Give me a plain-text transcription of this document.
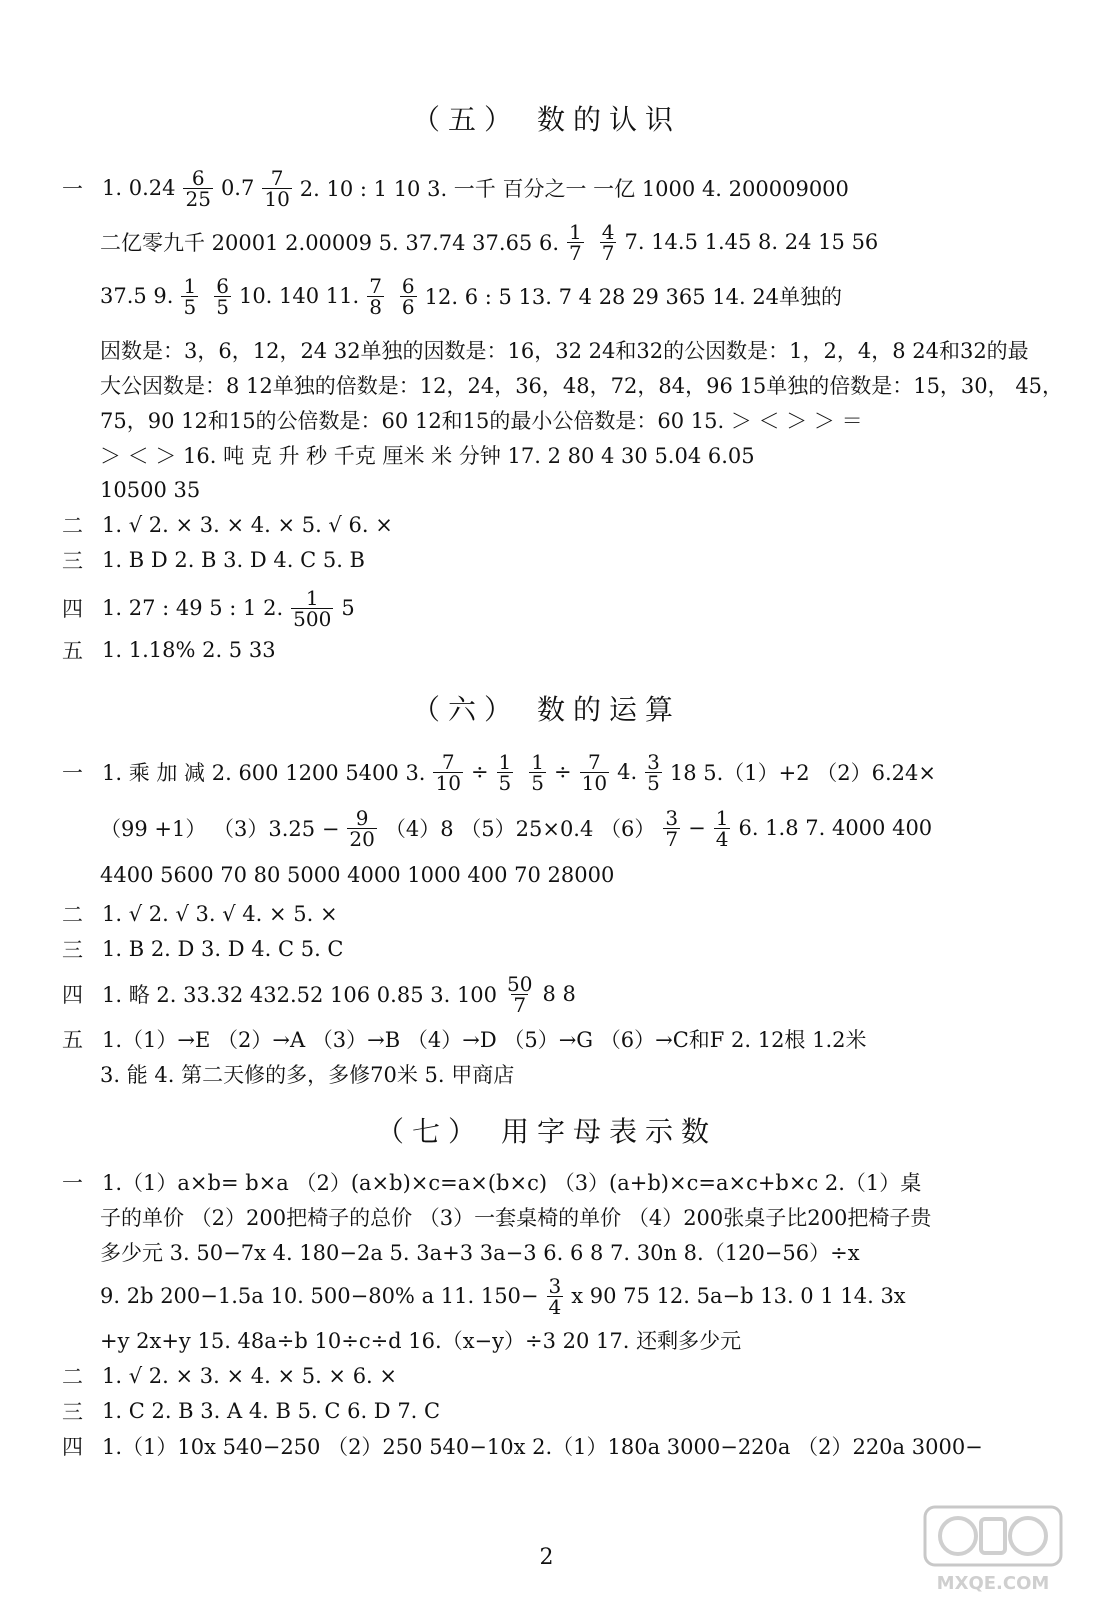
（五） 数的认识
一 1. $0.24 \frac{6}{25} 0.7 \frac{7}{10} 2$. 10 : 1 10 3. 一千 百分之一 一亿 1000 4. 200009000
二亿零九千 20001 2.00009 5. 37.74 37.65 6. $\frac{1}{7} \frac{4}{7} 7$. 14.5 1.45 8. 24 15 56
37.5 9. $\frac{1}{5} \frac{6}{5} 10$. 140 11. $\frac{7}{8} \frac{6}{6} 12$. 6 : 5 13. 7 4 28 29 365 14. 24单独的
因数是：3，6，12，24 32单独的因数是：16，32 24和32的公因数是：1，2，4，8 24和32的最
大公因数是：8 12单独的倍数是：12，24，36，48，72，84，96 15单独的倍数是：15，30， 45，
75，90 12和15的公倍数是：60 12和15的最小公倍数是：60 15. ＞ ＜ ＞ ＞ ＝
＞ ＜ ＞ 16. 吨 克 升 秒 千克 厘米 米 分钟 17. 2 80 4 30 5.04 6.05
10500 35
二 1. √ 2. × 3. × 4. × 5. √ 6. ×
三 1. B D 2. B 3. D 4. C 5. B
四 1. 27 : 49 5 : 1 2. $\frac{1}{500} 5$
五 1. 1.18% 2. 5 33
（六） 数的运算
一 1. 乘 加 减 2. 600 1200 5400 3. $\frac{7}{10} \div \frac{1}{5} \frac{1}{5} \div \frac{7}{10} 4$. $\frac{3}{5} 18$ 5.（1）+2 （2）6.24×
（99 +1） $(3)3.25 - \frac{9}{20} (4)8$ （5）25×0.4 $(6) \frac{3}{7} - \frac{1}{4} 6$. 1.8 7. 4000 400
4400 5600 70 80 5000 4000 1000 400 70 28000
二 1. √ 2. √ 3. √ 4. × 5. ×
三 1. B 2. D 3. D 4. C 5. C
四 1. 略 2. 33.32 432.52 106 0.85 3. $100 \frac{50}{7} 8$ 8
五 1.（1）→E （2）→A （3）→B （4）→D （5）→G （6）→C和F 2. 12根 1.2米
3. 能 4. 第二天修的多，多修70米 5. 甲商店
（七） 用字母表示数
一 1.（1）a×b= b×a （2）(a×b)×c=a×(b×c) （3）(a+b)×c=a×c+b×c 2.（1）桌
子的单价 （2）200把椅子的总价 （3）一套桌椅的单价 （4）200张桌子比200把椅子贵
多少元 3. 50−7x 4. 180−2a 5. 3a+3 3a−3 6. 6 8 7. 30n 8.（120−56）÷x
9. 2b 200−1.5a 10. 500−80% a 11. $150- \frac{3}{4}$ x 90 75 12. 5a−b 13. 0 1 14. 3x
+y 2x+y 15. 48a÷b 10÷c÷d 16.（x−y）÷3 20 17. 还剩多少元
二 1. √ 2. × 3. × 4. × 5. × 6. ×
三 1. C 2. B 3. A 4. B 5. C 6. D 7. C
四 1.（1）10x 540−250 （2）250 540−10x 2.（1）180a 3000−220a （2）220a 3000−
2
MXQE.COM
